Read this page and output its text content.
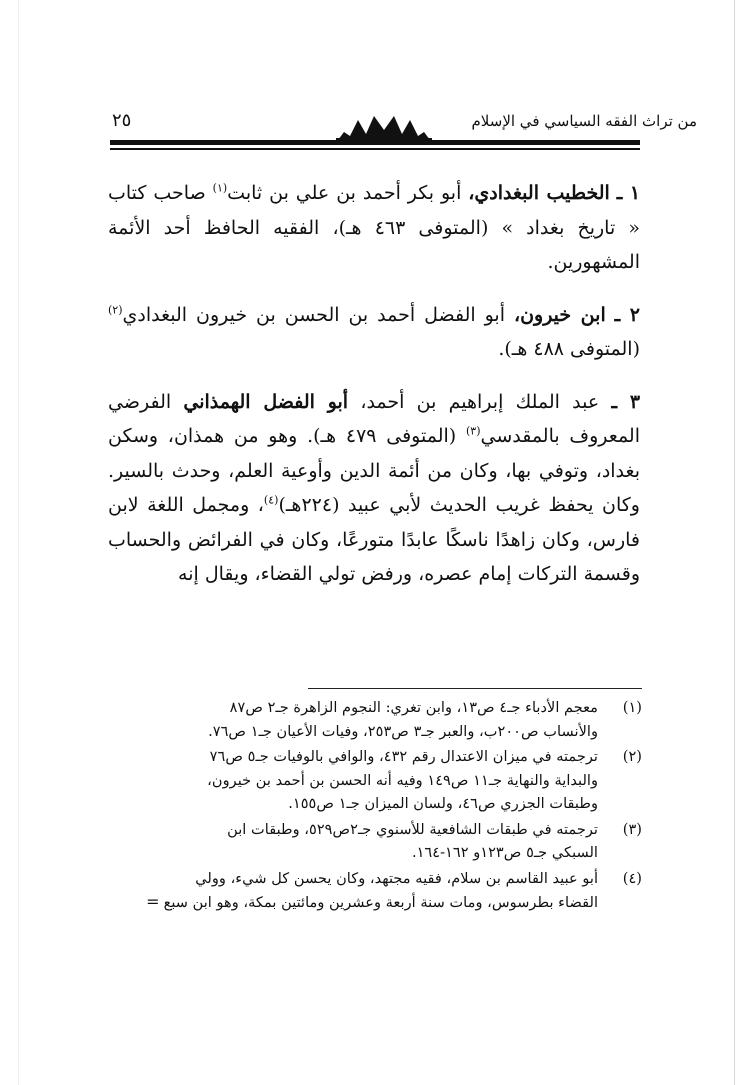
من تراث الفقه السياسي في الإسلام
٢٥

١ ـ الخطيب البغدادي، أبو بكر أحمد بن علي بن ثابت$^{(١)}$ صاحب كتاب « تاريخ بغداد » (المتوفى ٤٦٣ هـ)، الفقيه الحافظ أحد الأئمة المشهورين.

٢ ـ ابن خيرون، أبو الفضل أحمد بن الحسن بن خيرون البغدادي$^{(٢)}$ (المتوفى ٤٨٨ هـ).

٣ ـ عبد الملك إبراهيم بن أحمد، أبو الفضل الهمذاني الفرضي المعروف بالمقدسي$^{(٣)}$ (المتوفى ٤٧٩ هـ). وهو من همذان، وسكن بغداد، وتوفي بها، وكان من أئمة الدين وأوعية العلم، وحدث بالسير. وكان يحفظ غريب الحديث لأبي عبيد (٢٢٤هـ)$^{(٤)}$، ومجمل اللغة لابن فارس، وكان زاهدًا ناسكًا عابدًا متورعًا، وكان في الفرائض والحساب وقسمة التركات إمام عصره، ورفض تولي القضاء، ويقال إنه

(١)
معجم الأدباء جـ٤ ص١٣، وابن تغري: النجوم الزاهرة جـ٢ ص٨٧
والأنساب ص٢٠٠ب، والعبر جـ٣ ص٢٥٣، وفيات الأعيان جـ١ ص٧٦.
(٢)
ترجمته في ميزان الاعتدال رقم ٤٣٢، والوافي بالوفيات جـ٥ ص٧٦
والبداية والنهاية جـ١١ ص١٤٩ وفيه أنه الحسن بن أحمد بن خيرون،
وطبقات الجزري ص٤٦، ولسان الميزان جـ١ ص١٥٥.
(٣)
ترجمته في طبقات الشافعية للأسنوي جـ٢ص٥٢٩، وطبقات ابن
السبكي جـ٥ ص١٢٣و ١٦٢-١٦٤.
(٤)
أبو عبيد القاسم بن سلام، فقيه مجتهد، وكان يحسن كل شيء، وولي
القضاء بطرسوس، ومات سنة أربعة وعشرين ومائتين بمكة، وهو ابن سبع=
